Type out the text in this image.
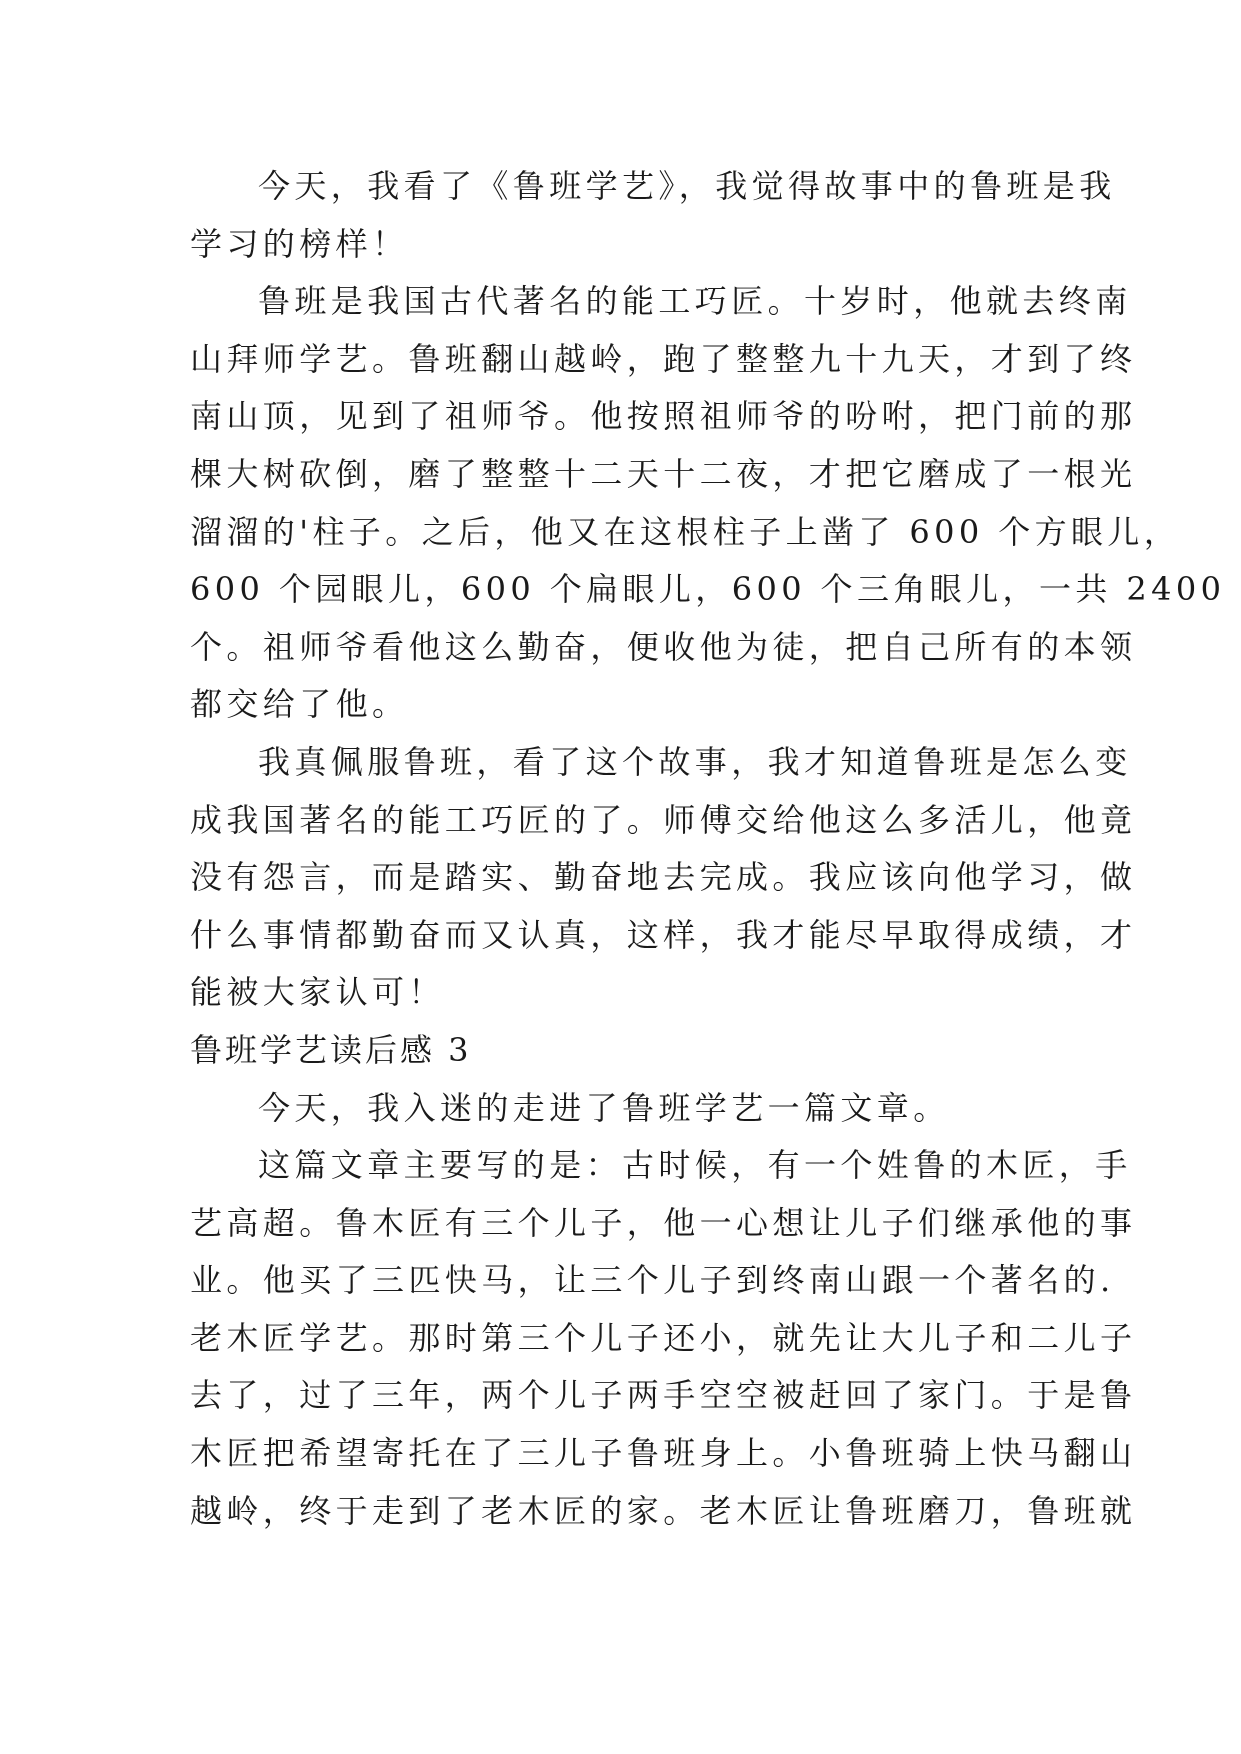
今天，我看了《鲁班学艺》，我觉得故事中的鲁班是我
学习的榜样！
鲁班是我国古代著名的能工巧匠。十岁时，他就去终南
山拜师学艺。鲁班翻山越岭，跑了整整九十九天，才到了终
南山顶，见到了祖师爷。他按照祖师爷的吩咐，把门前的那
棵大树砍倒，磨了整整十二天十二夜，才把它磨成了一根光
溜溜的'柱子。之后，他又在这根柱子上凿了 600 个方眼儿，
600 个园眼儿，600 个扁眼儿，600 个三角眼儿，一共 2400
个。祖师爷看他这么勤奋，便收他为徒，把自己所有的本领
都交给了他。
我真佩服鲁班，看了这个故事，我才知道鲁班是怎么变
成我国著名的能工巧匠的了。师傅交给他这么多活儿，他竟
没有怨言，而是踏实、勤奋地去完成。我应该向他学习，做
什么事情都勤奋而又认真，这样，我才能尽早取得成绩，才
能被大家认可！
鲁班学艺读后感 3
今天，我入迷的走进了鲁班学艺一篇文章。
这篇文章主要写的是：古时候，有一个姓鲁的木匠，手
艺高超。鲁木匠有三个儿子，他一心想让儿子们继承他的事
业。他买了三匹快马，让三个儿子到终南山跟一个著名的.
老木匠学艺。那时第三个儿子还小，就先让大儿子和二儿子
去了，过了三年，两个儿子两手空空被赶回了家门。于是鲁
木匠把希望寄托在了三儿子鲁班身上。小鲁班骑上快马翻山
越岭，终于走到了老木匠的家。老木匠让鲁班磨刀，鲁班就
